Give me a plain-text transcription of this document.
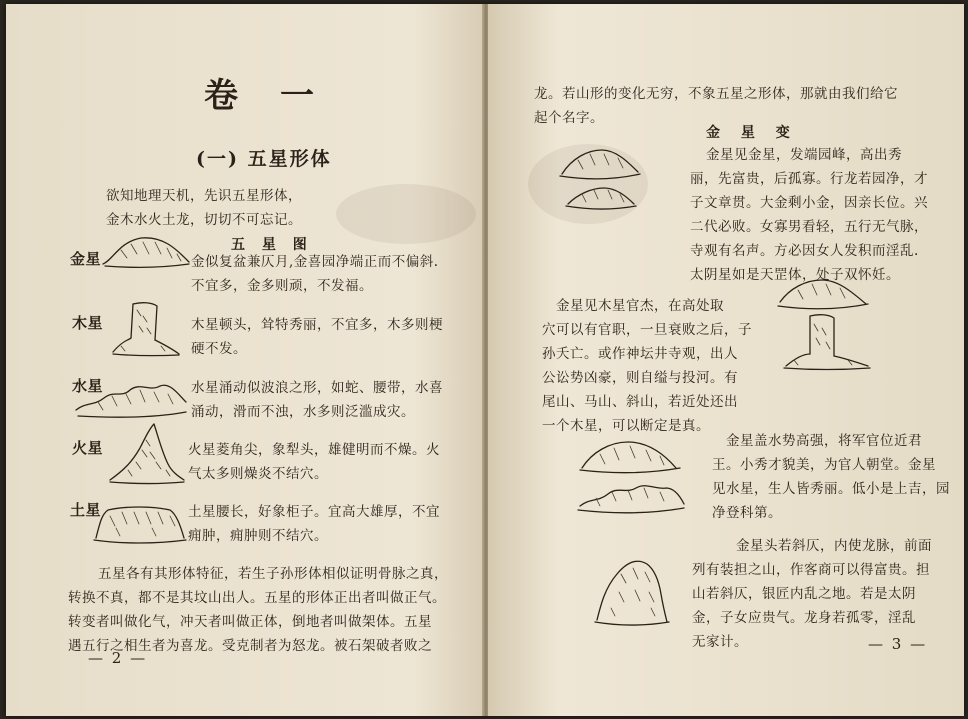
卷　一
(一) 五星形体
欲知地理天机，先识五星形体，
金木水火土龙，切切不可忘记。
五 星 图
金星	金似复盆兼仄月,金喜园净端正而不偏斜.
不宜多，金多则顽，不发福。
木星	木星顿头，耸特秀丽，不宜多，木多则梗
硬不发。
水星	水星涌动似波浪之形，如蛇、腰带，水喜
涌动，滑而不浊，水多则泛滥成灾。
火星	火星菱角尖，象犁头，雄健明而不燥。火
气太多则燥炎不结穴。
土星	土星腰长，好象柜子。宜高大雄厚，不宜
痈肿，痈肿则不结穴。
五星各有其形体特征，若生子孙形体相似证明骨脉之真，
转换不真，都不是其坟山出人。五星的形体正出者叫做正气。
转变者叫做化气，冲天者叫做正体，倒地者叫做架体。五星
遇五行之相生者为喜龙。受克制者为怒龙。被石架破者败之
— 2 —
龙。若山形的变化无穷，不象五星之形体，那就由我们给它
起个名字。
金 星 变
金星见金星，发端园峰，高出秀
丽，先富贵，后孤寡。行龙若园净，才
子文章贯。大金剩小金，因亲长位。兴
二代必败。女寡男看轻，五行无气脉，
寺观有名声。方必因女人发积而淫乱.
太阴星如是天罡体，处子双怀妊。
金星见木星官杰，在高处取
穴可以有官职，一旦衰败之后，子
孙夭亡。或作神坛井寺观，出人
公讼势凶豪，则自缢与投河。有
尾山、马山、斜山，若近处还出
一个木星，可以断定是真。
金星盖水势高强，将军官位近君
王。小秀才貌美，为官人朝堂。金星
见水星，生人皆秀丽。低小是上吉，园
净登科第。
金星头若斜仄，内使龙脉，前面
列有装担之山，作客商可以得富贵。担
山若斜仄，银匠内乱之地。若是太阴
金，子女应贵气。龙身若孤零，淫乱
无家计。	— 3 —
